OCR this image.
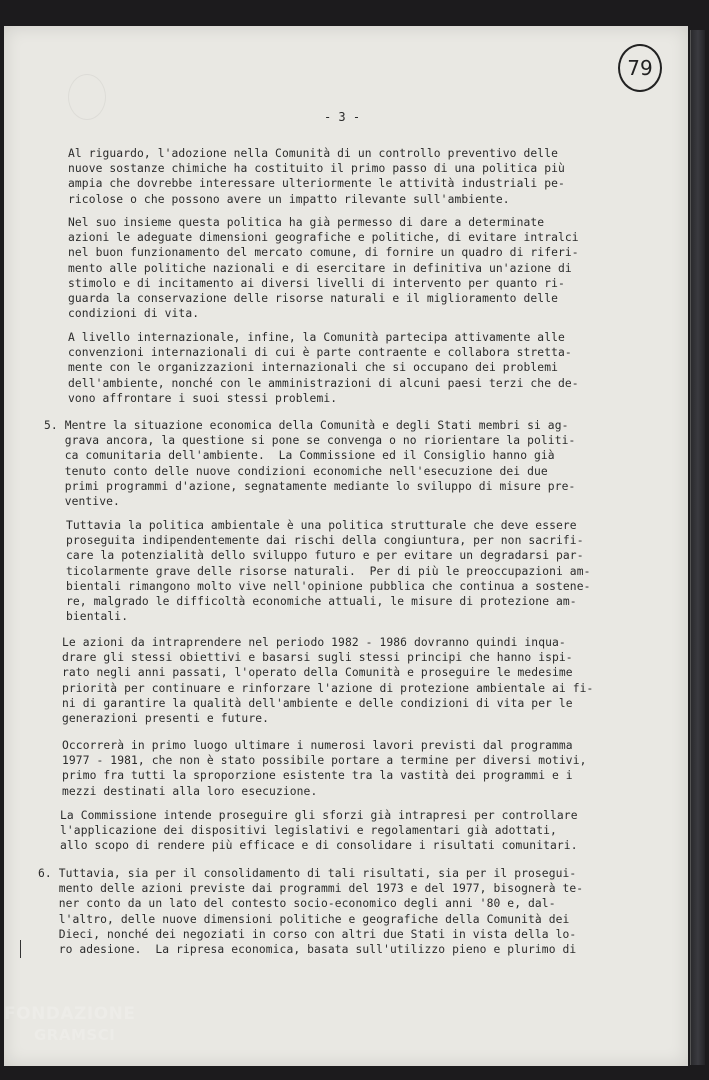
79
- 3 -

Al riguardo, l'adozione nella Comunità di un controllo preventivo delle
nuove sostanze chimiche ha costituito il primo passo di una politica più
ampia che dovrebbe interessare ulteriormente le attività industriali pe-
ricolose o che possono avere un impatto rilevante sull'ambiente.

Nel suo insieme questa politica ha già permesso di dare a determinate
azioni le adeguate dimensioni geografiche e politiche, di evitare intralci
nel buon funzionamento del mercato comune, di fornire un quadro di riferi-
mento alle politiche nazionali e di esercitare in definitiva un'azione di
stimolo e di incitamento ai diversi livelli di intervento per quanto ri-
guarda la conservazione delle risorse naturali e il miglioramento delle
condizioni di vita.

A livello internazionale, infine, la Comunità partecipa attivamente alle
convenzioni internazionali di cui è parte contraente e collabora stretta-
mente con le organizzazioni internazionali che si occupano dei problemi
dell'ambiente, nonché con le amministrazioni di alcuni paesi terzi che de-
vono affrontare i suoi stessi problemi.

5. Mentre la situazione economica della Comunità e degli Stati membri si ag-
grava ancora, la questione si pone se convenga o no riorientare la politi-
ca comunitaria dell'ambiente.  La Commissione ed il Consiglio hanno già
tenuto conto delle nuove condizioni economiche nell'esecuzione dei due
primi programmi d'azione, segnatamente mediante lo sviluppo di misure pre-
ventive.

Tuttavia la politica ambientale è una politica strutturale che deve essere
proseguita indipendentemente dai rischi della congiuntura, per non sacrifi-
care la potenzialità dello sviluppo futuro e per evitare un degradarsi par-
ticolarmente grave delle risorse naturali.  Per di più le preoccupazioni am-
bientali rimangono molto vive nell'opinione pubblica che continua a sostene-
re, malgrado le difficoltà economiche attuali, le misure di protezione am-
bientali.

Le azioni da intraprendere nel periodo 1982 - 1986 dovranno quindi inqua-
drare gli stessi obiettivi e basarsi sugli stessi principi che hanno ispi-
rato negli anni passati, l'operato della Comunità e proseguire le medesime
priorità per continuare e rinforzare l'azione di protezione ambientale ai fi-
ni di garantire la qualità dell'ambiente e delle condizioni di vita per le
generazioni presenti e future.

Occorrerà in primo luogo ultimare i numerosi lavori previsti dal programma
1977 - 1981, che non è stato possibile portare a termine per diversi motivi,
primo fra tutti la sproporzione esistente tra la vastità dei programmi e i
mezzi destinati alla loro esecuzione.

La Commissione intende proseguire gli sforzi già intrapresi per controllare
l'applicazione dei dispositivi legislativi e regolamentari già adottati,
allo scopo di rendere più efficace e di consolidare i risultati comunitari.

6. Tuttavia, sia per il consolidamento di tali risultati, sia per il prosegui-
mento delle azioni previste dai programmi del 1973 e del 1977, bisognerà te-
ner conto da un lato del contesto socio-economico degli anni '80 e, dal-
l'altro, delle nuove dimensioni politiche e geografiche della Comunità dei
Dieci, nonché dei negoziati in corso con altri due Stati in vista della lo-
ro adesione.  La ripresa economica, basata sull'utilizzo pieno e plurimo di

FONDAZIONE
GRAMSCI
